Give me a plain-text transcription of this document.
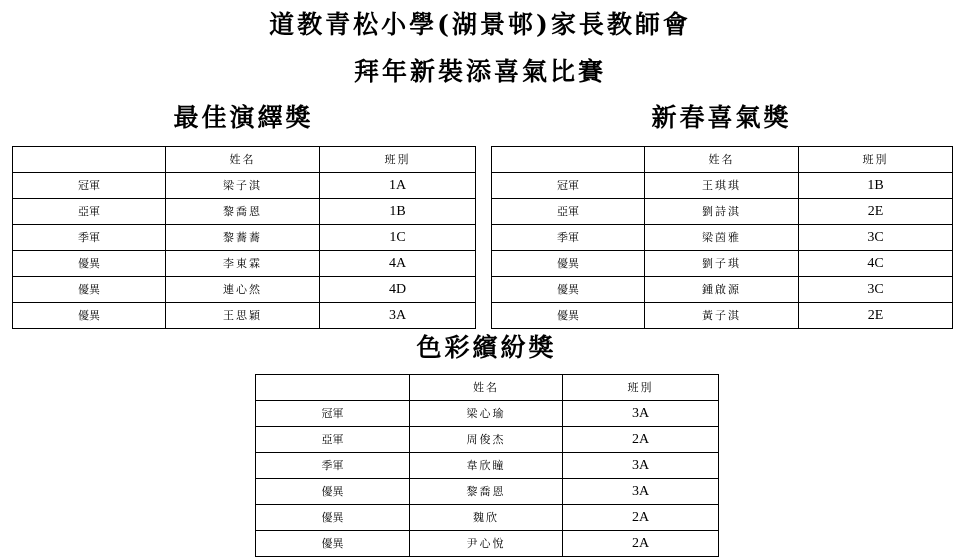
道教青松小學(湖景邨)家長教師會
拜年新裝添喜氣比賽
最佳演繹獎
	姓名	班別
冠軍	梁子淇	1A
亞軍	黎喬恩	1B
季軍	黎蕎蕎	1C
優異	李東霖	4A
優異	連心然	4D
優異	王思穎	3A
新春喜氣獎
	姓名	班別
冠軍	王琪琪	1B
亞軍	劉詩淇	2E
季軍	梁茵雅	3C
優異	劉子琪	4C
優異	鍾啟源	3C
優異	黃子淇	2E
色彩繽紛獎
	姓名	班別
冠軍	梁心瑜	3A
亞軍	周俊杰	2A
季軍	韋欣瞳	3A
優異	黎喬恩	3A
優異	魏欣	2A
優異	尹心悅	2A
